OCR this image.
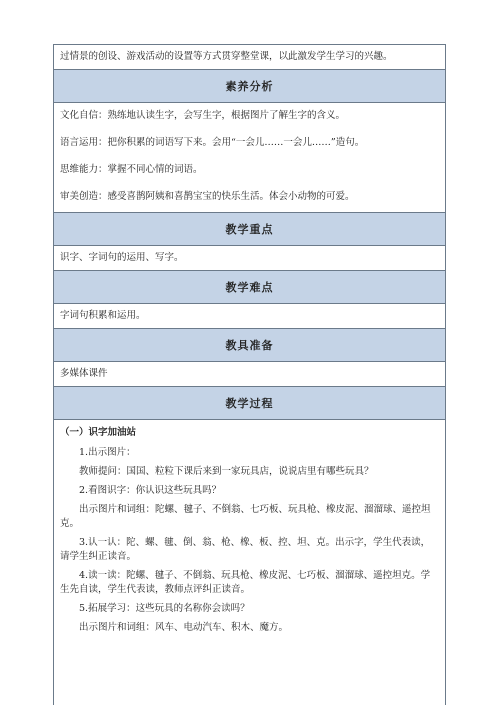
过情景的创设、游戏活动的设置等方式贯穿整堂课，以此激发学生学习的兴趣。
素养分析

文化自信：熟练地认读生字，会写生字，根据图片了解生字的含义。

语言运用：把你积累的词语写下来。会用“一会儿……一会儿……”造句。

思维能力：掌握不同心情的词语。

审美创造：感受喜鹊阿姨和喜鹊宝宝的快乐生活。体会小动物的可爱。

教学重点
识字、字词句的运用、写字。
教学难点
字词句积累和运用。
教具准备
多媒体课件
教学过程
（一）识字加油站

1.出示图片：

教师提问：国国、粒粒下课后来到一家玩具店，说说店里有哪些玩具？

2.看图识字：你认识这些玩具吗？

出示图片和词组：陀螺、毽子、不倒翁、七巧板、玩具枪、橡皮泥、溜溜球、遥控坦克。

3.认一认：陀、螺、毽、倒、翁、枪、橡、板、控、坦、克。出示字，学生代表读，请学生纠正读音。

4.读一读：陀螺、毽子、不倒翁、玩具枪、橡皮泥、七巧板、溜溜球、遥控坦克。学生先自读，学生代表读，教师点评纠正读音。

5.拓展学习：这些玩具的名称你会读吗？

出示图片和词组：风车、电动汽车、积木、魔方。
